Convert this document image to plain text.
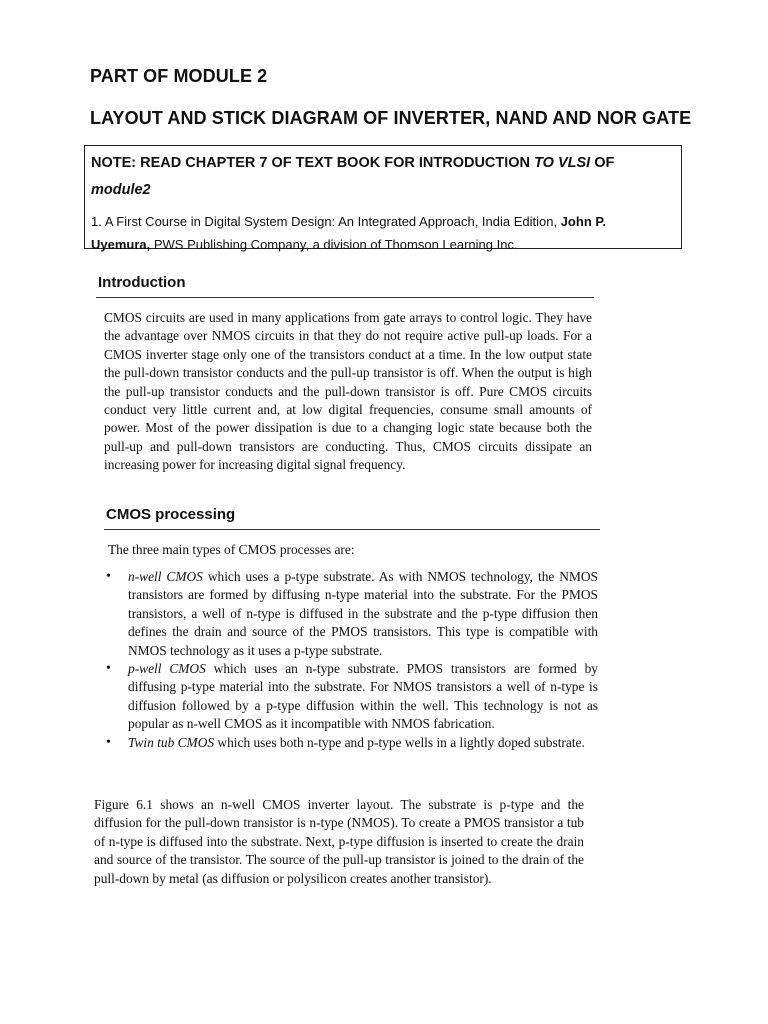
PART OF MODULE 2
LAYOUT AND STICK DIAGRAM OF INVERTER, NAND AND NOR GATE
NOTE: READ CHAPTER 7 OF TEXT BOOK FOR INTRODUCTION TO VLSI OF
module2
1. A First Course in Digital System Design: An Integrated Approach, India Edition, John P.
Uyemura, PWS Publishing Company, a division of Thomson Learning Inc.
Introduction
CMOS circuits are used in many applications from gate arrays to control logic. They have the advantage over NMOS circuits in that they do not require active pull-up loads. For a CMOS inverter stage only one of the transistors conduct at a time. In the low output state the pull-down transistor conducts and the pull-up transistor is off. When the output is high the pull-up transistor conducts and the pull-down transistor is off. Pure CMOS circuits conduct very little current and, at low digital frequencies, consume small amounts of power. Most of the power dissipation is due to a changing logic state because both the pull-up and pull-down transistors are conducting. Thus, CMOS circuits dissipate an increasing power for increasing digital signal frequency.
CMOS processing
The three main types of CMOS processes are:
• n-well CMOS which uses a p-type substrate. As with NMOS technology, the NMOS transistors are formed by diffusing n-type material into the substrate. For the PMOS transistors, a well of n-type is diffused in the substrate and the p-type diffusion then defines the drain and source of the PMOS transistors. This type is compatible with NMOS technology as it uses a p-type substrate.
• p-well CMOS which uses an n-type substrate. PMOS transistors are formed by diffusing p-type material into the substrate. For NMOS transistors a well of n-type is diffusion followed by a p-type diffusion within the well. This technology is not as popular as n-well CMOS as it incompatible with NMOS fabrication.
• Twin tub CMOS which uses both n-type and p-type wells in a lightly doped substrate.
Figure 6.1 shows an n-well CMOS inverter layout. The substrate is p-type and the diffusion for the pull-down transistor is n-type (NMOS). To create a PMOS transistor a tub of n-type is diffused into the substrate. Next, p-type diffusion is inserted to create the drain and source of the transistor. The source of the pull-up transistor is joined to the drain of the pull-down by metal (as diffusion or polysilicon creates another transistor).
